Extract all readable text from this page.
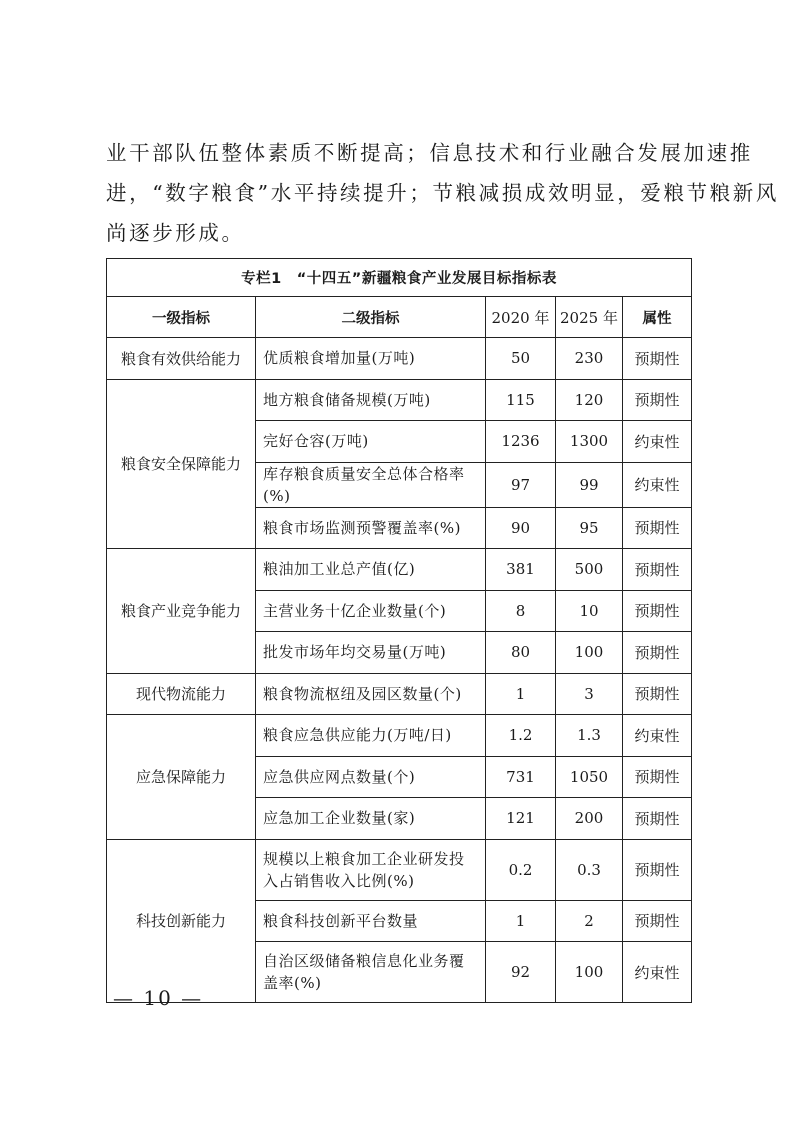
业干部队伍整体素质不断提高；信息技术和行业融合发展加速推
进，“数字粮食”水平持续提升；节粮减损成效明显，爱粮节粮新风
尚逐步形成。
专栏1　“十四五”新疆粮食产业发展目标指标表				
一级指标	二级指标	2020 年	2025 年	属性
粮食有效供给能力	优质粮食增加量(万吨)	50	230	预期性
粮食安全保障能力	地方粮食储备规模(万吨)	115	120	预期性
	完好仓容(万吨)	1236	1300	约束性
	库存粮食质量安全总体合格率(%)	97	99	约束性
	粮食市场监测预警覆盖率(%)	90	95	预期性
粮食产业竞争能力	粮油加工业总产值(亿)	381	500	预期性
	主营业务十亿企业数量(个)	8	10	预期性
	批发市场年均交易量(万吨)	80	100	预期性
现代物流能力	粮食物流枢纽及园区数量(个)	1	3	预期性
应急保障能力	粮食应急供应能力(万吨/日)	1.2	1.3	约束性
	应急供应网点数量(个)	731	1050	预期性
	应急加工企业数量(家)	121	200	预期性
科技创新能力	规模以上粮食加工企业研发投入占销售收入比例(%)	0.2	0.3	预期性
	粮食科技创新平台数量	1	2	预期性
	自治区级储备粮信息化业务覆盖率(%)	92	100	约束性
— 10 —
